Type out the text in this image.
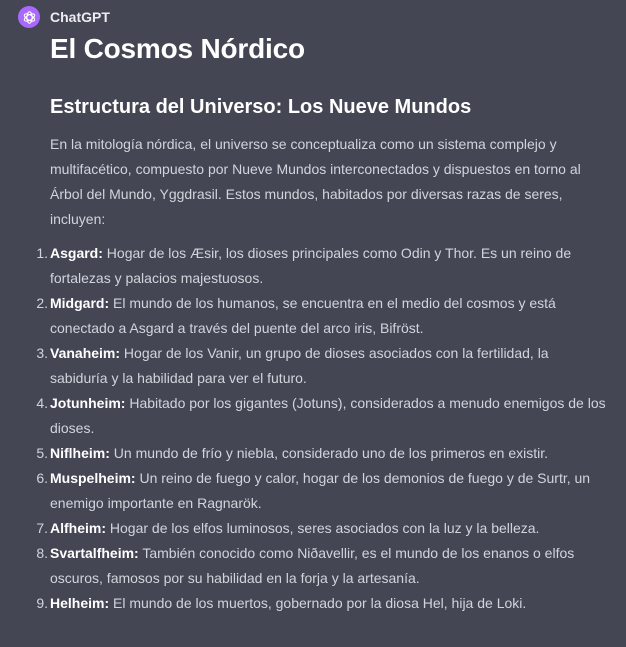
ChatGPT
El Cosmos Nórdico
Estructura del Universo: Los Nueve Mundos

En la mitología nórdica, el universo se conceptualiza como un sistema complejo y multifacético, compuesto por Nueve Mundos interconectados y dispuestos en torno al Árbol del Mundo, Yggdrasil. Estos mundos, habitados por diversas razas de seres, incluyen:

1. Asgard: Hogar de los Æsir, los dioses principales como Odin y Thor. Es un reino de fortalezas y palacios majestuosos.
2. Midgard: El mundo de los humanos, se encuentra en el medio del cosmos y está conectado a Asgard a través del puente del arco iris, Bifröst.
3. Vanaheim: Hogar de los Vanir, un grupo de dioses asociados con la fertilidad, la sabiduría y la habilidad para ver el futuro.
4. Jotunheim: Habitado por los gigantes (Jotuns), considerados a menudo enemigos de los dioses.
5. Niflheim: Un mundo de frío y niebla, considerado uno de los primeros en existir.
6. Muspelheim: Un reino de fuego y calor, hogar de los demonios de fuego y de Surtr, un enemigo importante en Ragnarök.
7. Alfheim: Hogar de los elfos luminosos, seres asociados con la luz y la belleza.
8. Svartalfheim: También conocido como Niðavellir, es el mundo de los enanos o elfos oscuros, famosos por su habilidad en la forja y la artesanía.
9. Helheim: El mundo de los muertos, gobernado por la diosa Hel, hija de Loki.
